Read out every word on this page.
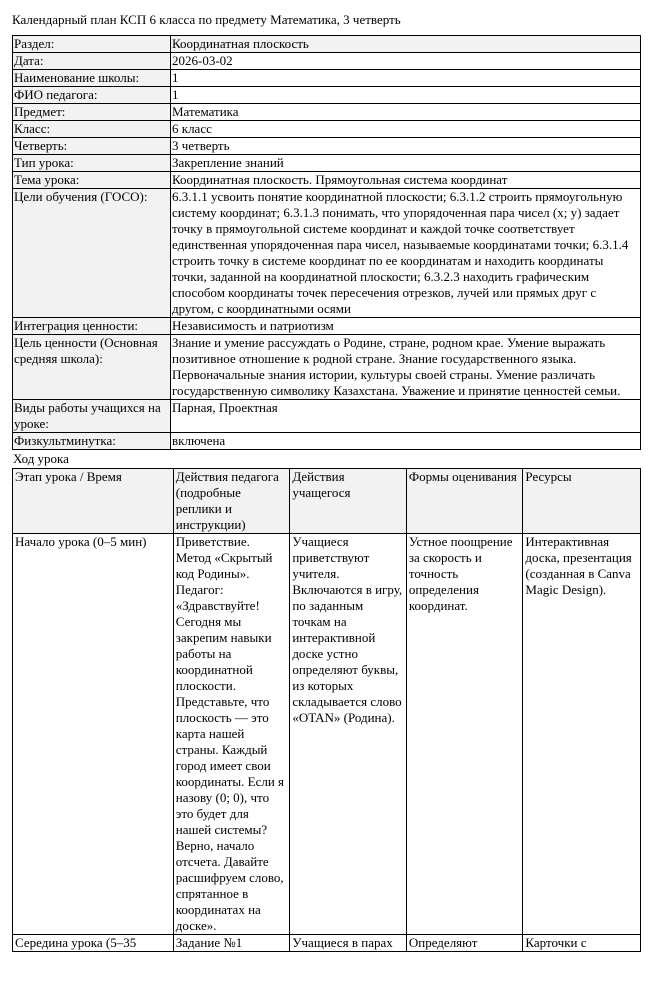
Календарный план КСП 6 класса по предмету Математика, 3 четверть
Раздел:	Координатная плоскость
Дата:	2026-03-02
Наименование школы:	1
ФИО педагога:	1
Предмет:	Математика
Класс:	6 класс
Четверть:	3 четверть
Тип урока:	Закрепление знаний
Тема урока:	Координатная плоскость. Прямоугольная система координат
Цели обучения (ГОСО):	6.3.1.1 усвоить понятие координатной плоскости; 6.3.1.2 строить прямоугольную систему координат; 6.3.1.3 понимать, что упорядоченная пара чисел (x; y) задает точку в прямоугольной системе координат и каждой точке соответствует единственная упорядоченная пара чисел, называемые координатами точки; 6.3.1.4 строить точку в системе координат по ее координатам и находить координаты точки, заданной на координатной плоскости; 6.3.2.3 находить графическим способом координаты точек пересечения отрезков, лучей или прямых друг с другом, с координатными осями
Интеграция ценности:	Независимость и патриотизм
Цель ценности (Основная средняя школа):	Знание и умение рассуждать о Родине, стране, родном крае. Умение выражать позитивное отношение к родной стране. Знание государственного языка. Первоначальные знания истории, культуры своей страны. Умение различать государственную символику Казахстана. Уважение и принятие ценностей семьи.
Виды работы учащихся на уроке:	Парная, Проектная
Физкультминутка:	включена
Ход урока
Этап урока / Время	Действия педагога (подробные реплики и инструкции)	Действия учащегося	Формы оценивания	Ресурсы
Начало урока (0–5 мин)	Приветствие. Метод «Скрытый код Родины». Педагог: «Здравствуйте! Сегодня мы закрепим навыки работы на координатной плоскости. Представьте, что плоскость — это карта нашей страны. Каждый город имеет свои координаты. Если я назову (0; 0), что это будет для нашей системы? Верно, начало отсчета. Давайте расшифруем слово, спрятанное в координатах на доске».	Учащиеся приветствуют учителя. Включаются в игру, по заданным точкам на интерактивной доске устно определяют буквы, из которых складывается слово «OTAN» (Родина).	Устное поощрение за скорость и точность определения координат.	Интерактивная доска, презентация (созданная в Canva Magic Design).
Середина урока (5–35	Задание №1	Учащиеся в парах	Определяют	Карточки с
